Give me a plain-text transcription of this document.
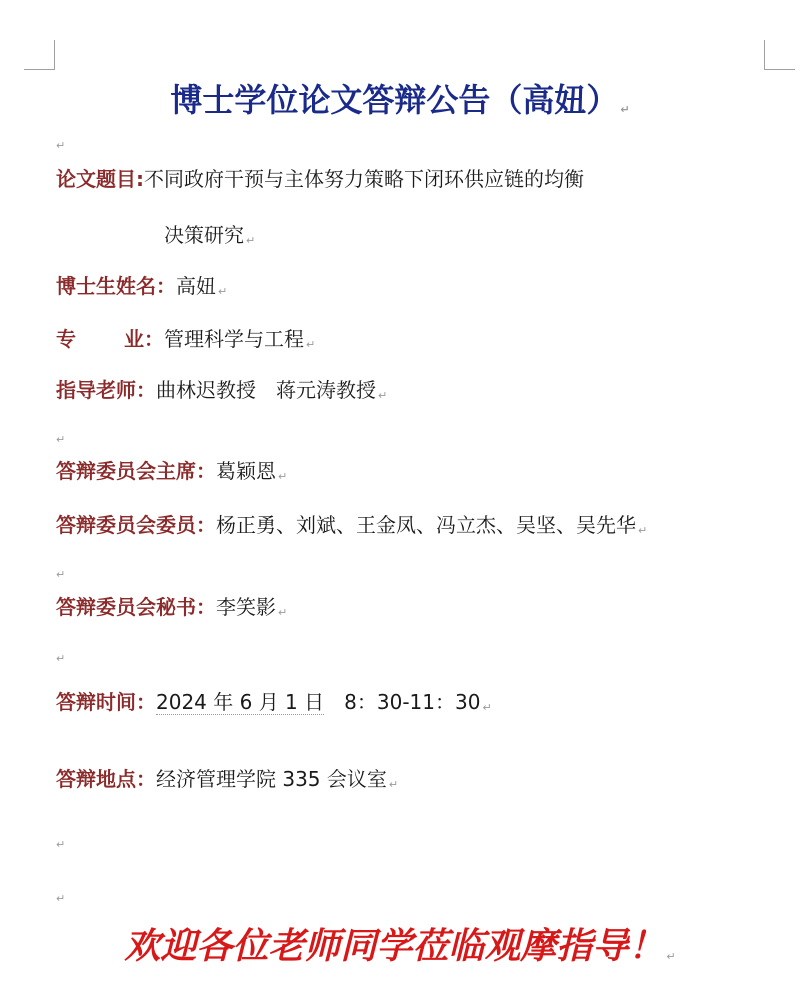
博士学位论文答辩公告（高妞） ↵
↵
论文题目:不同政府干预与主体努力策略下闭环供应链的均衡
决策研究 ↵
博士生姓名：高妞 ↵
专 业：管理科学与工程 ↵
指导老师：曲林迟教授 蒋元涛教授 ↵
↵
答辩委员会主席：葛颖恩 ↵
答辩委员会委员：杨正勇、刘斌、王金凤、冯立杰、吴坚、吴先华 ↵
↵
答辩委员会秘书：李笑影 ↵
↵
答辩时间：2024 年 6 月 1 日 8：30-11：30 ↵
答辩地点：经济管理学院 335 会议室 ↵
↵
↵
欢迎各位老师同学莅临观摩指导！ ↵
